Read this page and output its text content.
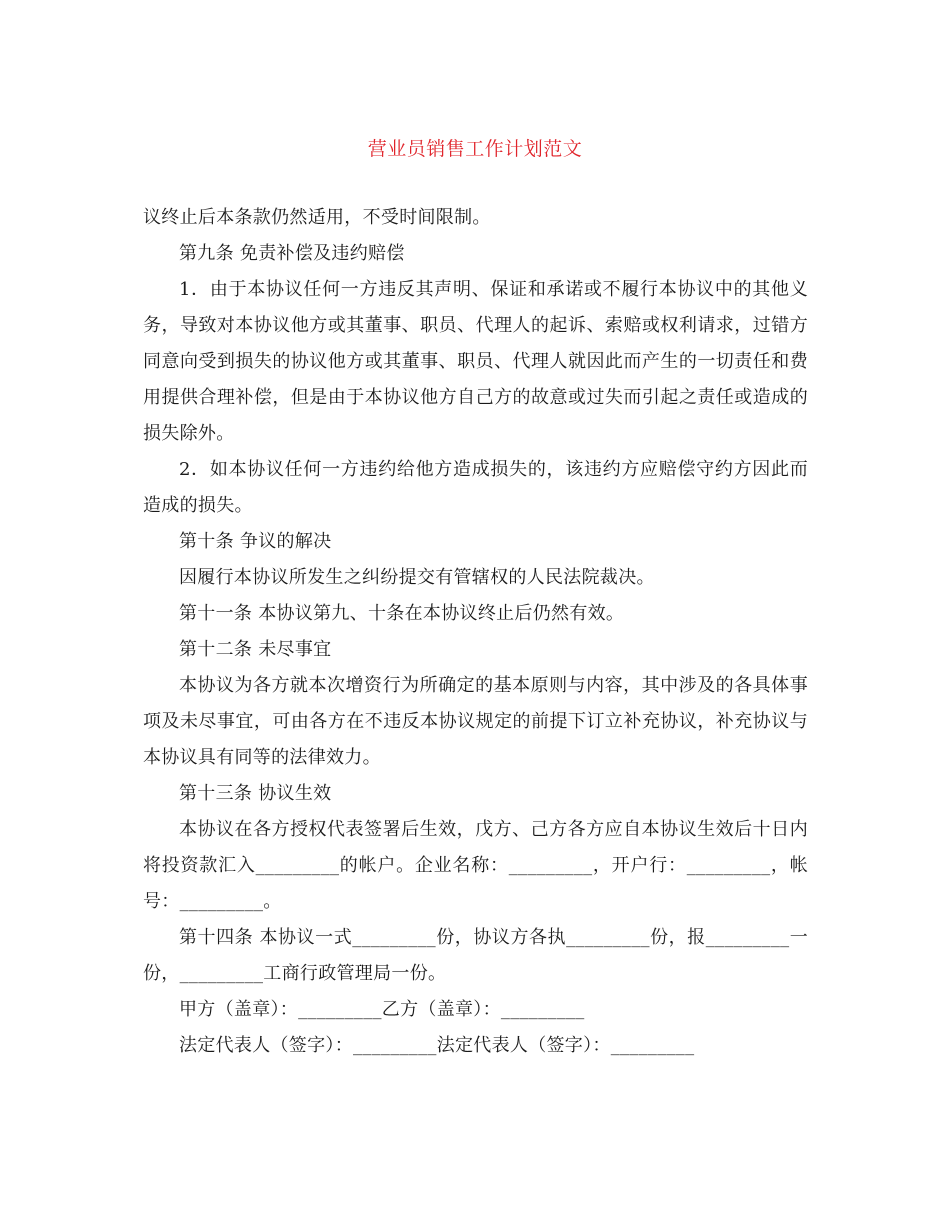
营业员销售工作计划范文

议终止后本条款仍然适用，不受时间限制。

第九条 免责补偿及违约赔偿

1．由于本协议任何一方违反其声明、保证和承诺或不履行本协议中的其他义务，导致对本协议他方或其董事、职员、代理人的起诉、索赔或权利请求，过错方同意向受到损失的协议他方或其董事、职员、代理人就因此而产生的一切责任和费用提供合理补偿，但是由于本协议他方自己方的故意或过失而引起之责任或造成的损失除外。

2．如本协议任何一方违约给他方造成损失的，该违约方应赔偿守约方因此而造成的损失。

第十条 争议的解决

因履行本协议所发生之纠纷提交有管辖权的人民法院裁决。

第十一条 本协议第九、十条在本协议终止后仍然有效。

第十二条 未尽事宜

本协议为各方就本次增资行为所确定的基本原则与内容，其中涉及的各具体事项及未尽事宜，可由各方在不违反本协议规定的前提下订立补充协议，补充协议与本协议具有同等的法律效力。

第十三条 协议生效

本协议在各方授权代表签署后生效，戊方、己方各方应自本协议生效后十日内将投资款汇入_________的帐户。企业名称：_________，开户行：_________，帐号：_________。

第十四条 本协议一式_________份，协议方各执_________份，报_________一份，_________工商行政管理局一份。

甲方（盖章）：_________乙方（盖章）：_________

法定代表人（签字）：_________法定代表人（签字）：_________
